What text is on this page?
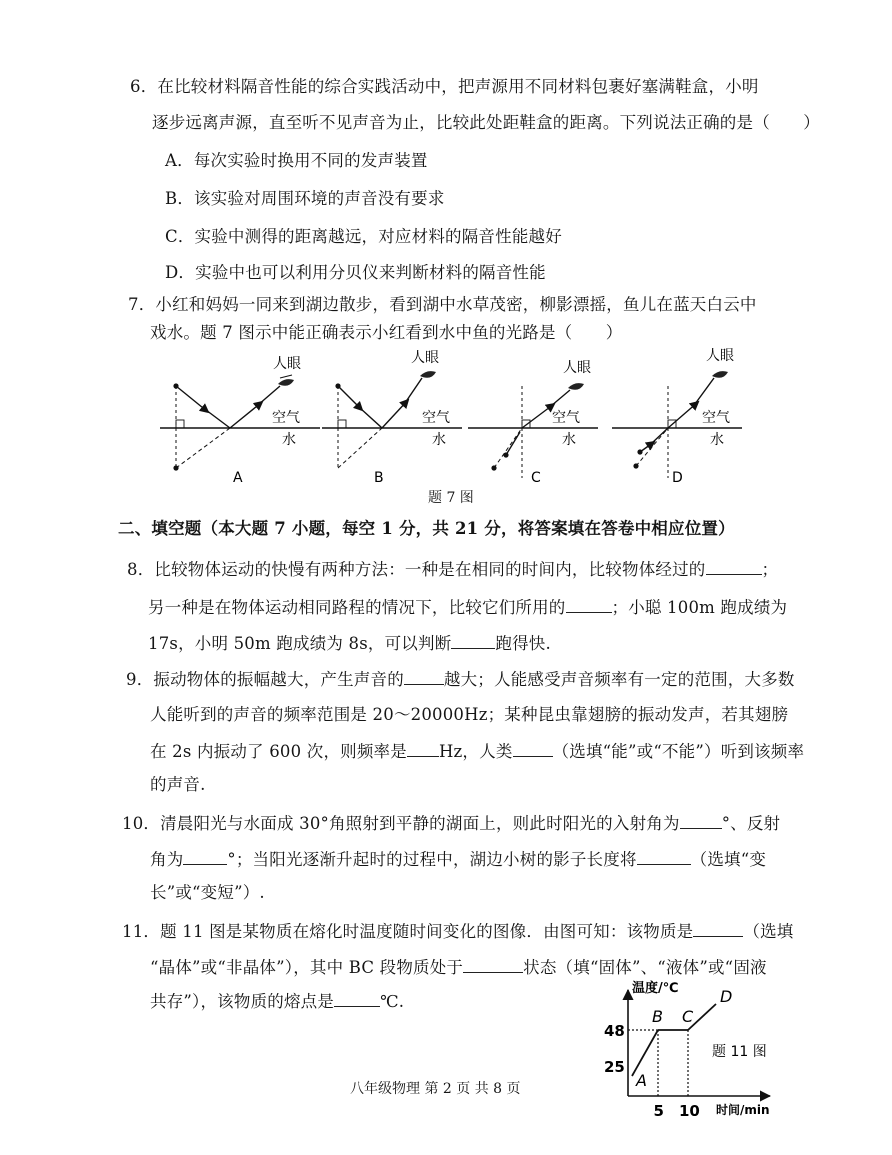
6．在比较材料隔音性能的综合实践活动中，把声源用不同材料包裹好塞满鞋盒，小明
逐步远离声源，直至听不见声音为止，比较此处距鞋盒的距离。下列说法正确的是（　　）
A．每次实验时换用不同的发声装置
B．该实验对周围环境的声音没有要求
C．实验中测得的距离越远，对应材料的隔音性能越好
D．实验中也可以利用分贝仪来判断材料的隔音性能
7．小红和妈妈一同来到湖边散步，看到湖中水草茂密，柳影漂摇，鱼儿在蓝天白云中
戏水。题 7 图示中能正确表示小红看到水中鱼的光路是（　　）
人眼
空气
水
A
人眼
空气
水
B
人眼
空气
水
C
人眼
空气
水
D
题 7 图
二、填空题（本大题 7 小题，每空 1 分，共 21 分，将答案填在答卷中相应位置）
8．比较物体运动的快慢有两种方法：一种是在相同的时间内，比较物体经过的	；
另一种是在物体运动相同路程的情况下，比较它们所用的	；小聪 100m 跑成绩为
17s，小明 50m 跑成绩为 8s，可以判断	跑得快.
9．振动物体的振幅越大，产生声音的 越大；人能感受声音频率有一定的范围，大多数
人能听到的声音的频率范围是 20～20000Hz；某种昆虫靠翅膀的振动发声，若其翅膀
在 2s 内振动了 600 次，则频率是 Hz，人类 （选填“能”或“不能”）听到该频率
的声音.
10．清晨阳光与水面成 30°角照射到平静的湖面上，则此时阳光的入射角为	°、反射
角为	°；当阳光逐渐升起时的过程中，湖边小树的影子长度将	（选填“变
长”或“变短”）.
11．题 11 图是某物质在熔化时温度随时间变化的图像．由图可知：该物质是	（选填
“晶体”或“非晶体”），其中 BC 段物质处于	状态（填“固体”、“液体”或“固液
共存”），该物质的熔点是	℃.
A
B C
D
25
48
5 10
温度/℃
时间/min
题 11 图
八年级物理 第 2 页 共 8 页
